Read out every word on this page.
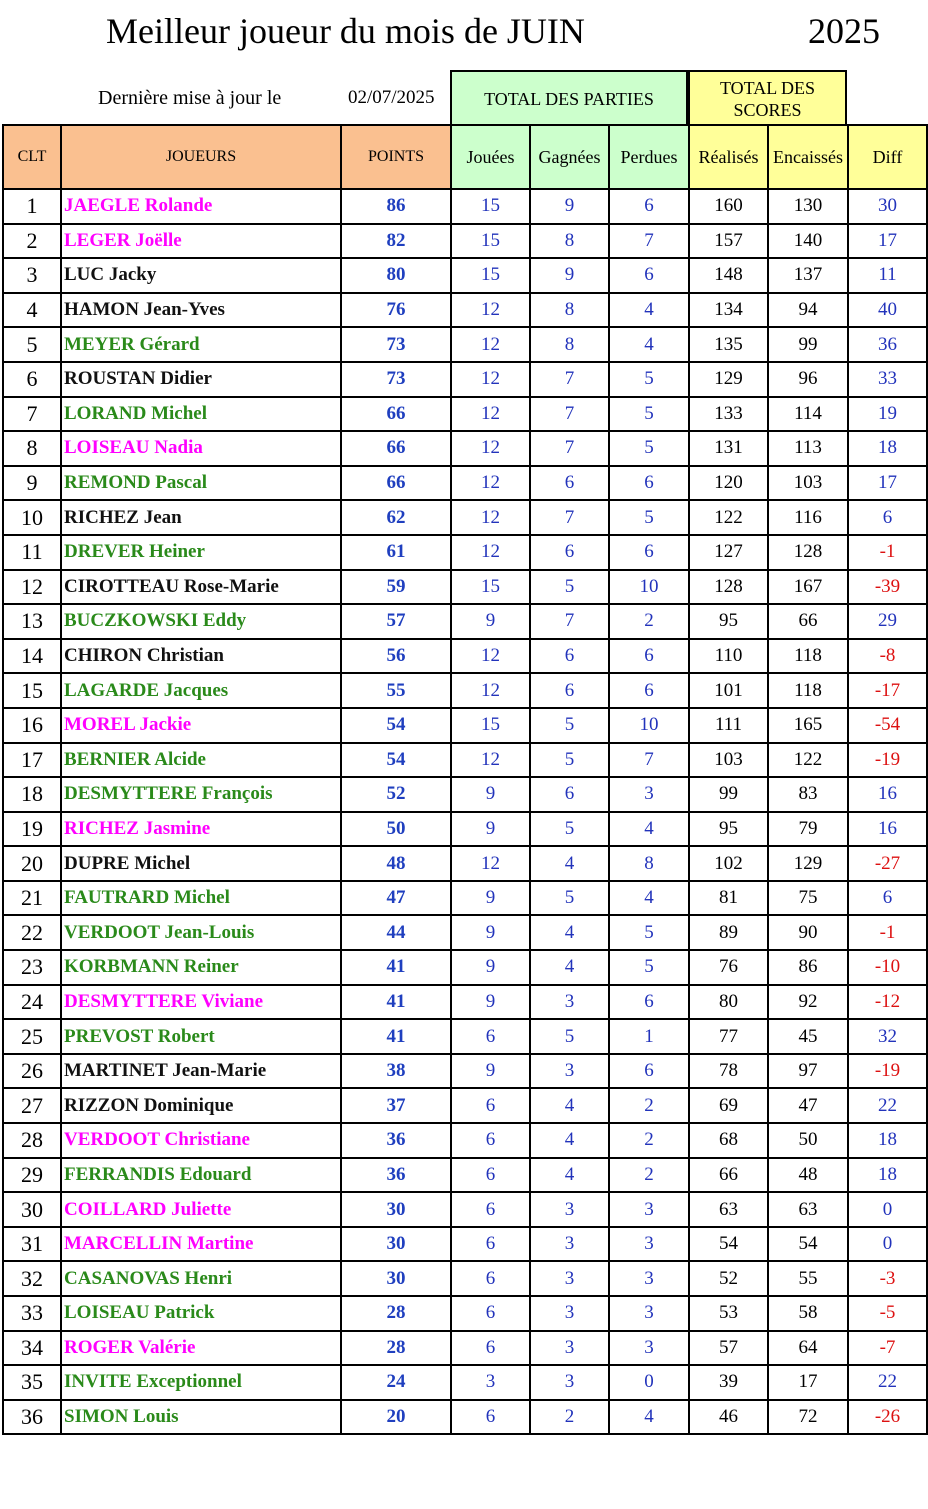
Meilleur joueur du mois de JUIN	2025
Dernière mise à jour le	02/07/2025	TOTAL DES PARTIES
TOTAL DES
SCORES
CLT	JOUEURS	POINTS	Jouées	Gagnées	Perdues	Réalisés	Encaissés	Diff
1	JAEGLE Rolande	86	15	9	6	160	130	30
2	LEGER Joëlle	82	15	8	7	157	140	17
3	LUC Jacky	80	15	9	6	148	137	11
4	HAMON Jean-Yves	76	12	8	4	134	94	40
5	MEYER Gérard	73	12	8	4	135	99	36
6	ROUSTAN Didier	73	12	7	5	129	96	33
7	LORAND Michel	66	12	7	5	133	114	19
8	LOISEAU Nadia	66	12	7	5	131	113	18
9	REMOND Pascal	66	12	6	6	120	103	17
10	RICHEZ Jean	62	12	7	5	122	116	6
11	DREVER Heiner	61	12	6	6	127	128	-1
12	CIROTTEAU Rose-Marie	59	15	5	10	128	167	-39
13	BUCZKOWSKI Eddy	57	9	7	2	95	66	29
14	CHIRON Christian	56	12	6	6	110	118	-8
15	LAGARDE Jacques	55	12	6	6	101	118	-17
16	MOREL Jackie	54	15	5	10	111	165	-54
17	BERNIER Alcide	54	12	5	7	103	122	-19
18	DESMYTTERE François	52	9	6	3	99	83	16
19	RICHEZ Jasmine	50	9	5	4	95	79	16
20	DUPRE Michel	48	12	4	8	102	129	-27
21	FAUTRARD Michel	47	9	5	4	81	75	6
22	VERDOOT Jean-Louis	44	9	4	5	89	90	-1
23	KORBMANN Reiner	41	9	4	5	76	86	-10
24	DESMYTTERE Viviane	41	9	3	6	80	92	-12
25	PREVOST Robert	41	6	5	1	77	45	32
26	MARTINET Jean-Marie	38	9	3	6	78	97	-19
27	RIZZON Dominique	37	6	4	2	69	47	22
28	VERDOOT Christiane	36	6	4	2	68	50	18
29	FERRANDIS Edouard	36	6	4	2	66	48	18
30	COILLARD Juliette	30	6	3	3	63	63	0
31	MARCELLIN Martine	30	6	3	3	54	54	0
32	CASANOVAS Henri	30	6	3	3	52	55	-3
33	LOISEAU Patrick	28	6	3	3	53	58	-5
34	ROGER Valérie	28	6	3	3	57	64	-7
35	INVITE Exceptionnel	24	3	3	0	39	17	22
36	SIMON Louis	20	6	2	4	46	72	-26
